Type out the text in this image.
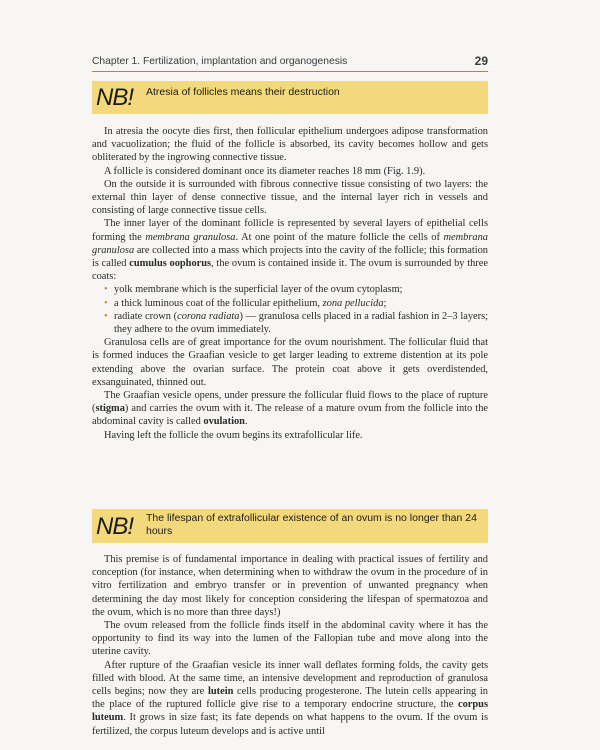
Chapter 1. Fertilization, implantation and organogenesis	29
NB! Atresia of follicles means their destruction

In atresia the oocyte dies first, then follicular epithelium undergoes adipose transformation and vacuolization; the fluid of the follicle is absorbed, its cavity becomes hollow and gets obliterated by the ingrowing connective tissue.

A follicle is considered dominant once its diameter reaches 18 mm (Fig. 1.9).

On the outside it is surrounded with fibrous connective tissue consisting of two layers: the external thin layer of dense connective tissue, and the internal layer rich in vessels and consisting of large connective tissue cells.

The inner layer of the dominant follicle is represented by several layers of epithelial cells forming the membrana granulosa. At one point of the mature follicle the cells of membrana granulosa are collected into a mass which projects into the cavity of the follicle; this formation is called cumulus oophorus, the ovum is contained inside it. The ovum is surrounded by three coats:

• yolk membrane which is the superficial layer of the ovum cytoplasm;
• a thick luminous coat of the follicular epithelium, zona pellucida;
• radiate crown (corona radiata) — granulosa cells placed in a radial fashion in 2–3 layers; they adhere to the ovum immediately.

Granulosa cells are of great importance for the ovum nourishment. The follicular fluid that is formed induces the Graafian vesicle to get larger leading to extreme distention at its pole extending above the ovarian surface. The protein coat above it gets overdistended, exsanguinated, thinned out.

The Graafian vesicle opens, under pressure the follicular fluid flows to the place of rupture (stigma) and carries the ovum with it. The release of a mature ovum from the follicle into the abdominal cavity is called ovulation.

Having left the follicle the ovum begins its extrafollicular life.

NB! The lifespan of extrafollicular existence of an ovum is no longer than 24 hours

This premise is of fundamental importance in dealing with practical issues of fertility and conception (for instance, when determining when to withdraw the ovum in the procedure of in vitro fertilization and embryo transfer or in prevention of unwanted pregnancy when determining the day most likely for conception considering the lifespan of spermatozoa and the ovum, which is no more than three days!)

The ovum released from the follicle finds itself in the abdominal cavity where it has the opportunity to find its way into the lumen of the Fallopian tube and move along into the uterine cavity.

After rupture of the Graafian vesicle its inner wall deflates forming folds, the cavity gets filled with blood. At the same time, an intensive development and reproduction of granulosa cells begins; now they are lutein cells producing progesterone. The lutein cells appearing in the place of the ruptured follicle give rise to a temporary endocrine structure, the corpus luteum. It grows in size fast; its fate depends on what happens to the ovum. If the ovum is fertilized, the corpus luteum develops and is active until
